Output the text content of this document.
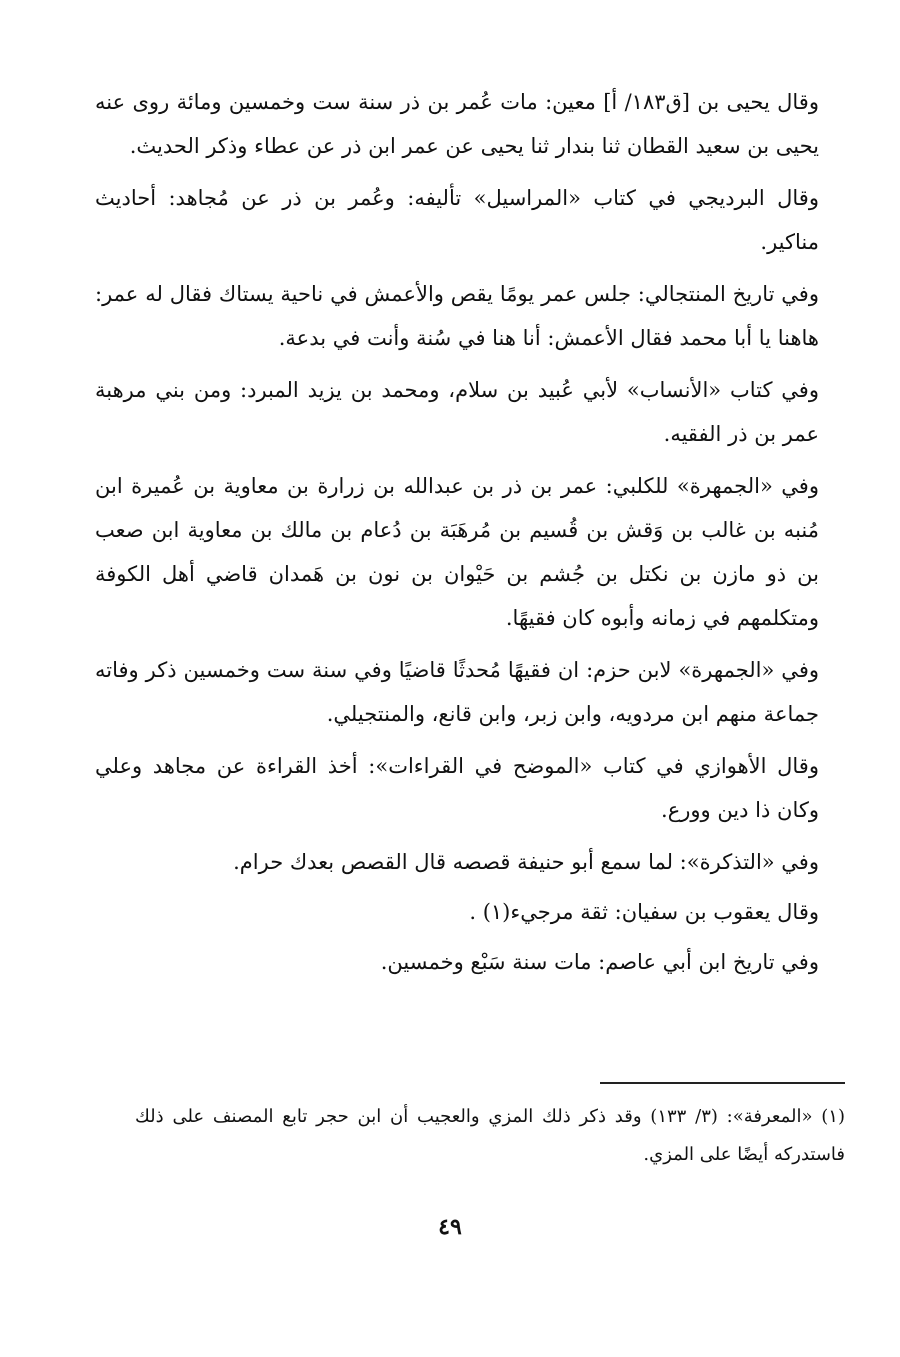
وقال يحيى بن [ق١٨٣/ أ] معين: مات عُمر بن ذر سنة ست وخمسين ومائة روى عنه يحيى بن سعيد القطان ثنا بندار ثنا يحيى عن عمر ابن ذر عن عطاء وذكر الحديث.

وقال البرديجي في كتاب «المراسيل» تأليفه: وعُمر بن ذر عن مُجاهد: أحاديث مناكير.

وفي تاريخ المنتجالي: جلس عمر يومًا يقص والأعمش في ناحية يستاك فقال له عمر: هاهنا يا أبا محمد فقال الأعمش: أنا هنا في سُنة وأنت في بدعة.

وفي كتاب «الأنساب» لأبي عُبيد بن سلام، ومحمد بن يزيد المبرد: ومن بني مرهبة عمر بن ذر الفقيه.

وفي «الجمهرة» للكلبي: عمر بن ذر بن عبدالله بن زرارة بن معاوية بن عُميرة ابن مُنبه بن غالب بن وَقش بن قُسيم بن مُرهَبَة بن دُعام بن مالك بن معاوية ابن صعب بن ذو مازن بن نكتل بن جُشم بن حَيْوان بن نون بن هَمدان قاضي أهل الكوفة ومتكلمهم في زمانه وأبوه كان فقيهًا.

وفي «الجمهرة» لابن حزم: ان فقيهًا مُحدثًا قاضيًا وفي سنة ست وخمسين ذكر وفاته جماعة منهم ابن مردويه، وابن زبر، وابن قانع، والمنتجيلي.

وقال الأهوازي في كتاب «الموضح في القراءات»: أخذ القراءة عن مجاهد وعلي وكان ذا دين وورع.

وفي «التذكرة»: لما سمع أبو حنيفة قصصه قال القصص بعدك حرام.

وقال يعقوب بن سفيان: ثقة مرجيء(١) .

وفي تاريخ ابن أبي عاصم: مات سنة سَبْع وخمسين.

(١) «المعرفة»: (٣/ ١٣٣) وقد ذكر ذلك المزي والعجيب أن ابن حجر تابع المصنف على ذلك فاستدركه أيضًا على المزي.

٤٩
